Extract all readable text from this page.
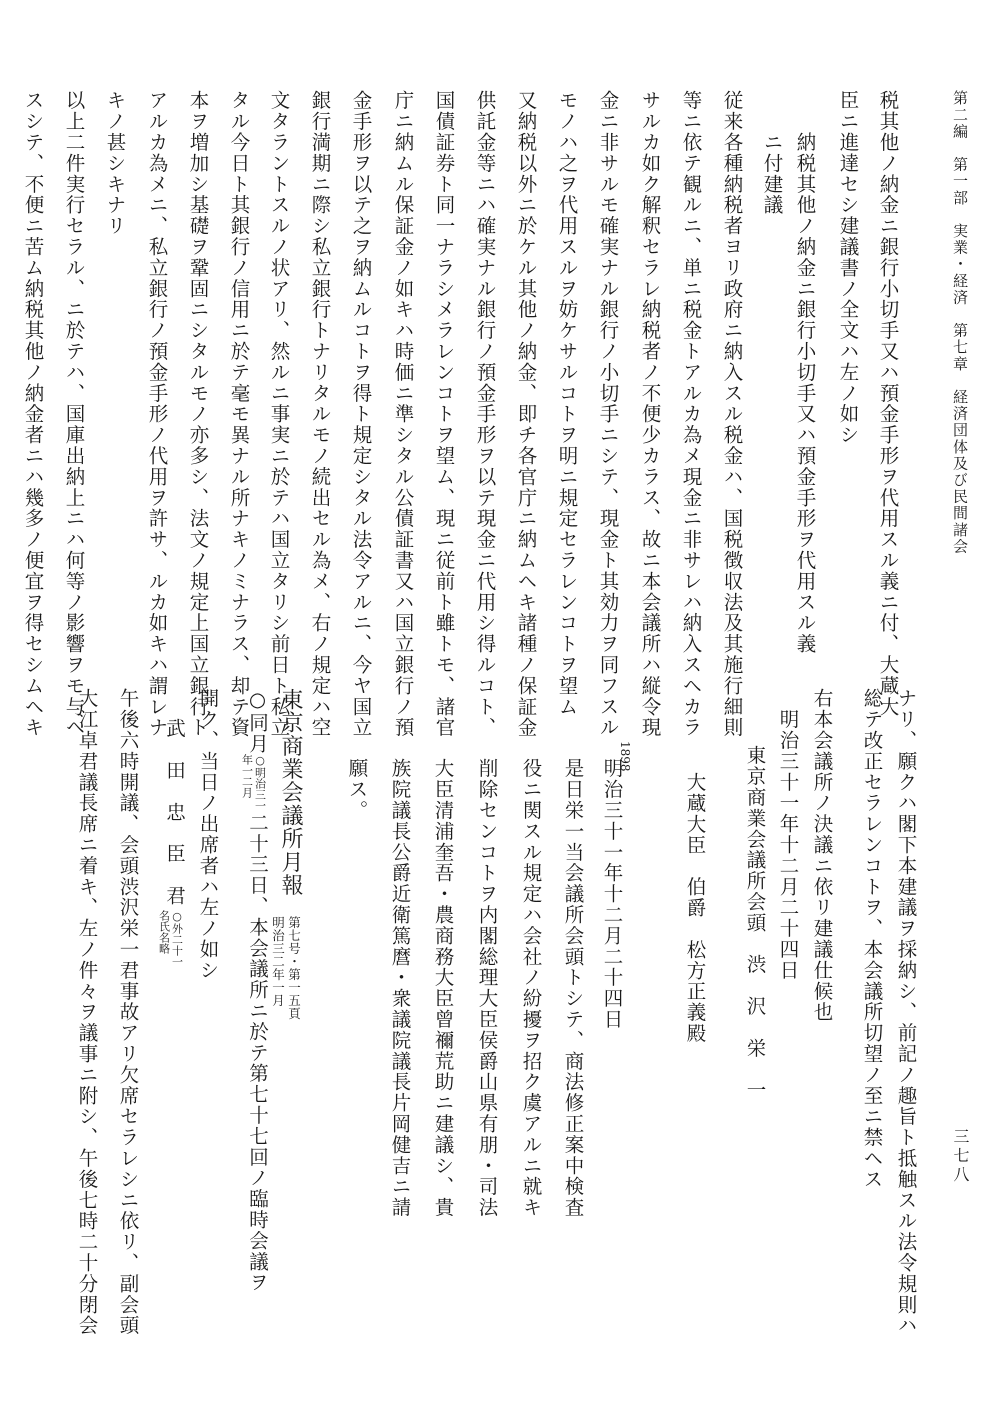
第二編　第一部　実業・経済　第七章　経済団体及び民間諸会
三七八
税其他ノ納金ニ銀行小切手又ハ預金手形ヲ代用スル義ニ付、大蔵大
臣ニ進達セシ建議書ノ全文ハ左ノ如シ
　　納税其他ノ納金ニ銀行小切手又ハ預金手形ヲ代用スル義
　　ニ付建議
従来各種納税者ヨリ政府ニ納入スル税金ハ、国税徴収法及其施行細則
等ニ依テ観ルニ、単ニ税金トアルカ為メ現金ニ非サレハ納入スヘカラ
サルカ如ク解釈セラレ納税者ノ不便少カラス、故ニ本会議所ハ縦令現
金ニ非サルモ確実ナル銀行ノ小切手ニシテ、現金ト其効力ヲ同フスル
モノハ之ヲ代用スルヲ妨ケサルコトヲ明ニ規定セラレンコトヲ望ム
又納税以外ニ於ケル其他ノ納金、即チ各官庁ニ納ムヘキ諸種ノ保証金
供託金等ニハ確実ナル銀行ノ預金手形ヲ以テ現金ニ代用シ得ルコト、
国債証券ト同一ナラシメラレンコトヲ望ム、現ニ従前ト雖トモ、諸官
庁ニ納ムル保証金ノ如キハ時価ニ準シタル公債証書又ハ国立銀行ノ預
金手形ヲ以テ之ヲ納ムルコトヲ得ト規定シタル法令アルニ、今ヤ国立
銀行満期ニ際シ私立銀行トナリタルモノ続出セル為メ、右ノ規定ハ空
文タラントスルノ状アリ、然ルニ事実ニ於テハ国立タリシ前日ト私立
タル今日ト其銀行ノ信用ニ於テ毫モ異ナル所ナキノミナラス、却テ資
本ヲ増加シ基礎ヲ鞏固ニシタルモノ亦多シ、法文ノ規定上国立銀行ト
アルカ為メニ、私立銀行ノ預金手形ノ代用ヲ許サ、ルカ如キハ謂レナ
キノ甚シキナリ
以上二件実行セラル、ニ於テハ、国庫出納上ニハ何等ノ影響ヲモ与ヘ
スシテ、不便ニ苦ム納税其他ノ納金者ニハ幾多ノ便宜ヲ得セシムヘキ
ナリ、願クハ閣下本建議ヲ採納シ、前記ノ趣旨ト抵触スル法令規則ハ
総テ改正セラレンコトヲ、本会議所切望ノ至ニ禁ヘス
右本会議所ノ決議ニ依リ建議仕候也
　明治三十一年十二月二十四日
東京商業会議所会頭　渋　沢　栄　一
大蔵大臣　伯爵　松方正義殿
1898
明治三十一年十二月二十四日
是日栄一当会議所会頭トシテ、商法修正案中検査
役ニ関スル規定ハ会社ノ紛擾ヲ招ク虞アルニ就キ
削除センコトヲ内閣総理大臣侯爵山県有朋・司法
大臣清浦奎吾・農商務大臣曾禰荒助ニ建議シ、貴
族院議長公爵近衛篤麿・衆議院議長片岡健吉ニ請
願ス。
東京商業会議所月報
第七号・第一五頁
明治三二年一月
○同月
○明治三一
年一二月
二十三日、本会議所ニ於テ第七十七回ノ臨時会議ヲ
開ク、当日ノ出席者ハ左ノ如シ
武　田　忠　臣　君
○外二十一
名氏名略
午後六時開議、会頭渋沢栄一君事故アリ欠席セラレシニ依リ、副会頭
大江卓君議長席ニ着キ、左ノ件々ヲ議事ニ附シ、午後七時二十分閉会
